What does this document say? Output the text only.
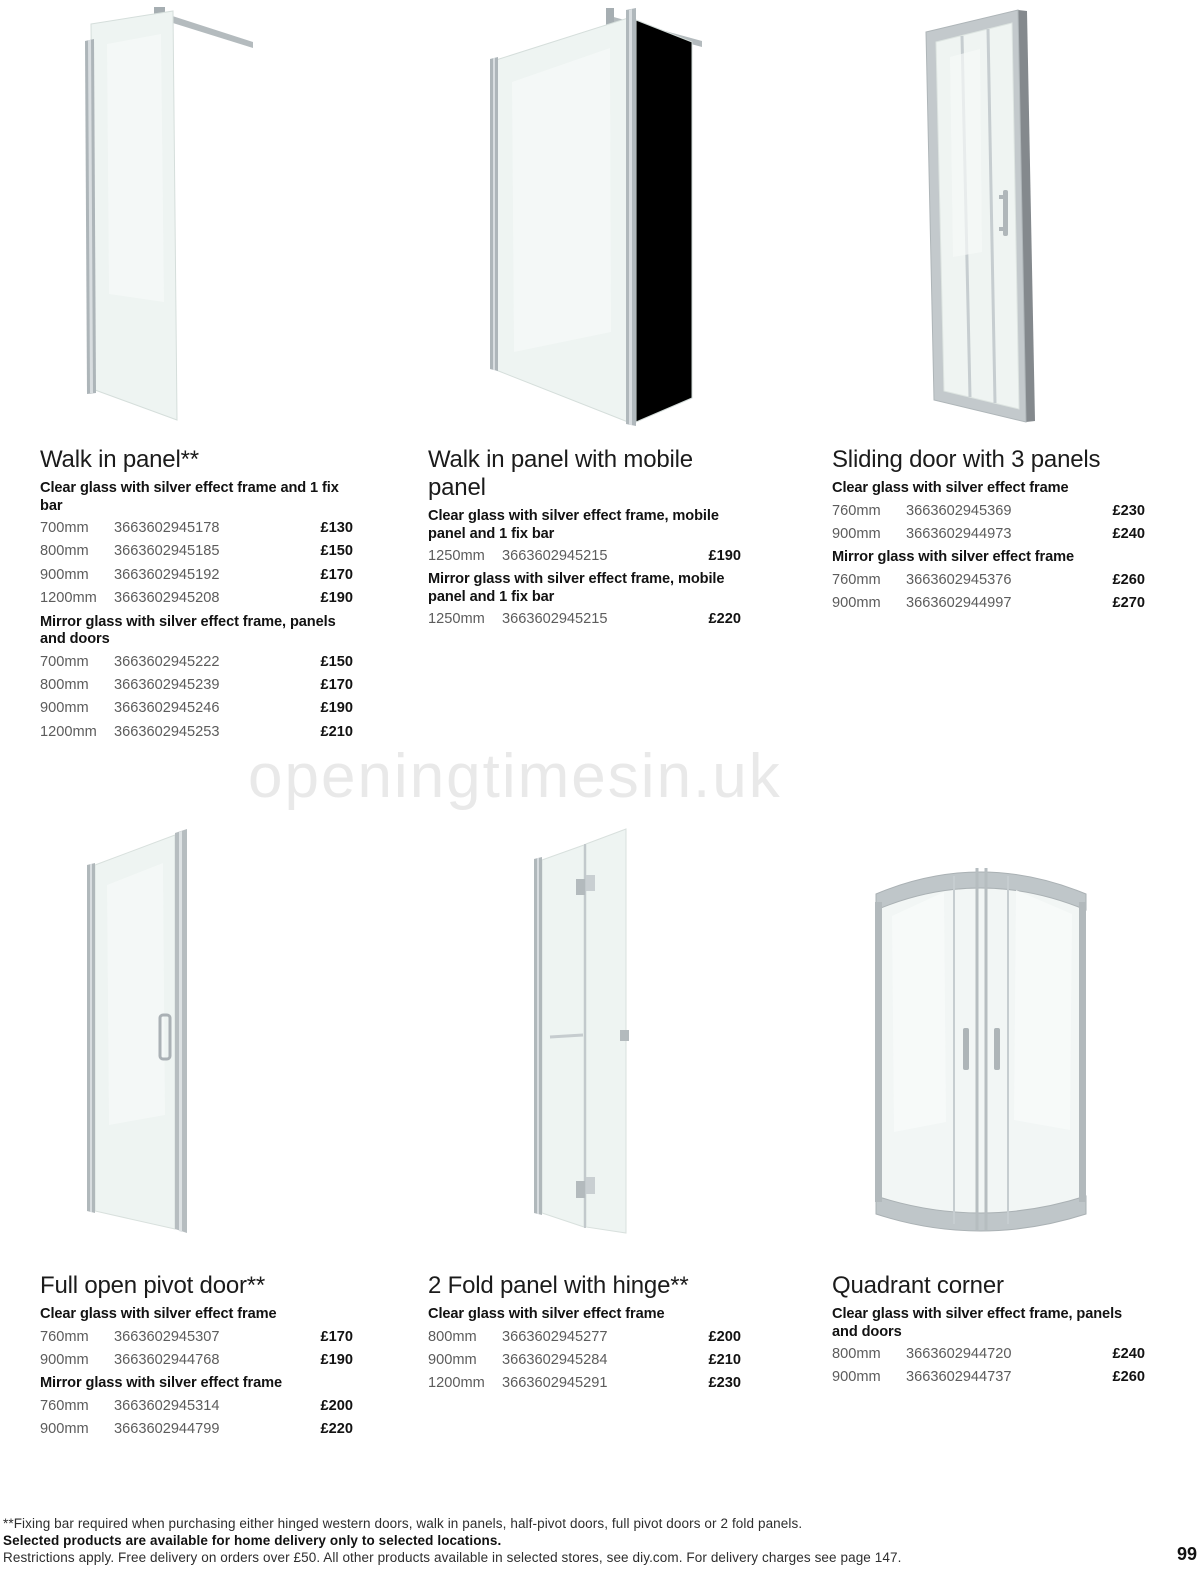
openingtimesin.uk
Walk in panel**
Clear glass with silver effect frame and 1 fix bar
700mm	3663602945178	£130
800mm	3663602945185	£150
900mm	3663602945192	£170
1200mm	3663602945208	£190
Mirror glass with silver effect frame, panels and doors
700mm	3663602945222	£150
800mm	3663602945239	£170
900mm	3663602945246	£190
1200mm	3663602945253	£210
Walk in panel with mobile panel
Clear glass with silver effect frame, mobile panel and 1 fix bar
1250mm	3663602945215	£190
Mirror glass with silver effect frame, mobile panel and 1 fix bar
1250mm	3663602945215	£220
Sliding door with 3 panels
Clear glass with silver effect frame
760mm	3663602945369	£230
900mm	3663602944973	£240
Mirror glass with silver effect frame
760mm	3663602945376	£260
900mm	3663602944997	£270
Full open pivot door**
Clear glass with silver effect frame
760mm	3663602945307	£170
900mm	3663602944768	£190
Mirror glass with silver effect frame
760mm	3663602945314	£200
900mm	3663602944799	£220
2 Fold panel with hinge**
Clear glass with silver effect frame
800mm	3663602945277	£200
900mm	3663602945284	£210
1200mm	3663602945291	£230
Quadrant corner
Clear glass with silver effect frame, panels and doors
800mm	3663602944720	£240
900mm	3663602944737	£260
**Fixing bar required when purchasing either hinged western doors, walk in panels, half-pivot doors, full pivot doors or 2 fold panels.
Selected products are available for home delivery only to selected locations.
Restrictions apply. Free delivery on orders over £50. All other products available in selected stores, see diy.com. For delivery charges see page 147.	99
